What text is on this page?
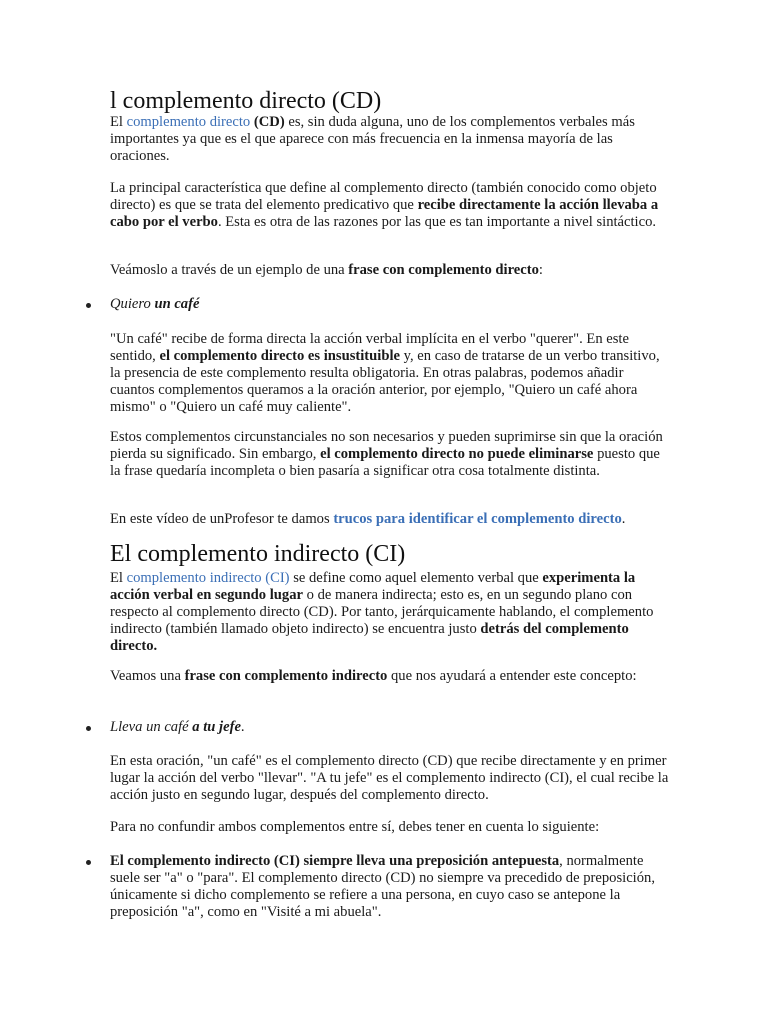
l complemento directo (CD)

El complemento directo (CD) es, sin duda alguna, uno de los complementos verbales más importantes ya que es el que aparece con más frecuencia en la inmensa mayoría de las oraciones.

La principal característica que define al complemento directo (también conocido como objeto directo) es que se trata del elemento predicativo que recibe directamente la acción llevaba a cabo por el verbo. Esta es otra de las razones por las que es tan importante a nivel sintáctico.

Veámoslo a través de un ejemplo de una frase con complemento directo:

Quiero un café

"Un café" recibe de forma directa la acción verbal implícita en el verbo "querer". En este sentido, el complemento directo es insustituible y, en caso de tratarse de un verbo transitivo, la presencia de este complemento resulta obligatoria. En otras palabras, podemos añadir cuantos complementos queramos a la oración anterior, por ejemplo, "Quiero un café ahora mismo" o "Quiero un café muy caliente".

Estos complementos circunstanciales no son necesarios y pueden suprimirse sin que la oración pierda su significado. Sin embargo, el complemento directo no puede eliminarse puesto que la frase quedaría incompleta o bien pasaría a significar otra cosa totalmente distinta.

En este vídeo de unProfesor te damos trucos para identificar el complemento directo.

El complemento indirecto (CI)

El complemento indirecto (CI) se define como aquel elemento verbal que experimenta la acción verbal en segundo lugar o de manera indirecta; esto es, en un segundo plano con respecto al complemento directo (CD). Por tanto, jerárquicamente hablando, el complemento indirecto (también llamado objeto indirecto) se encuentra justo detrás del complemento directo.

Veamos una frase con complemento indirecto que nos ayudará a entender este concepto:

Lleva un café a tu jefe.

En esta oración, "un café" es el complemento directo (CD) que recibe directamente y en primer lugar la acción del verbo "llevar". "A tu jefe" es el complemento indirecto (CI), el cual recibe la acción justo en segundo lugar, después del complemento directo.

Para no confundir ambos complementos entre sí, debes tener en cuenta lo siguiente:

El complemento indirecto (CI) siempre lleva una preposición antepuesta, normalmente suele ser "a" o "para". El complemento directo (CD) no siempre va precedido de preposición, únicamente si dicho complemento se refiere a una persona, en cuyo caso se antepone la preposición "a", como en "Visité a mi abuela".
